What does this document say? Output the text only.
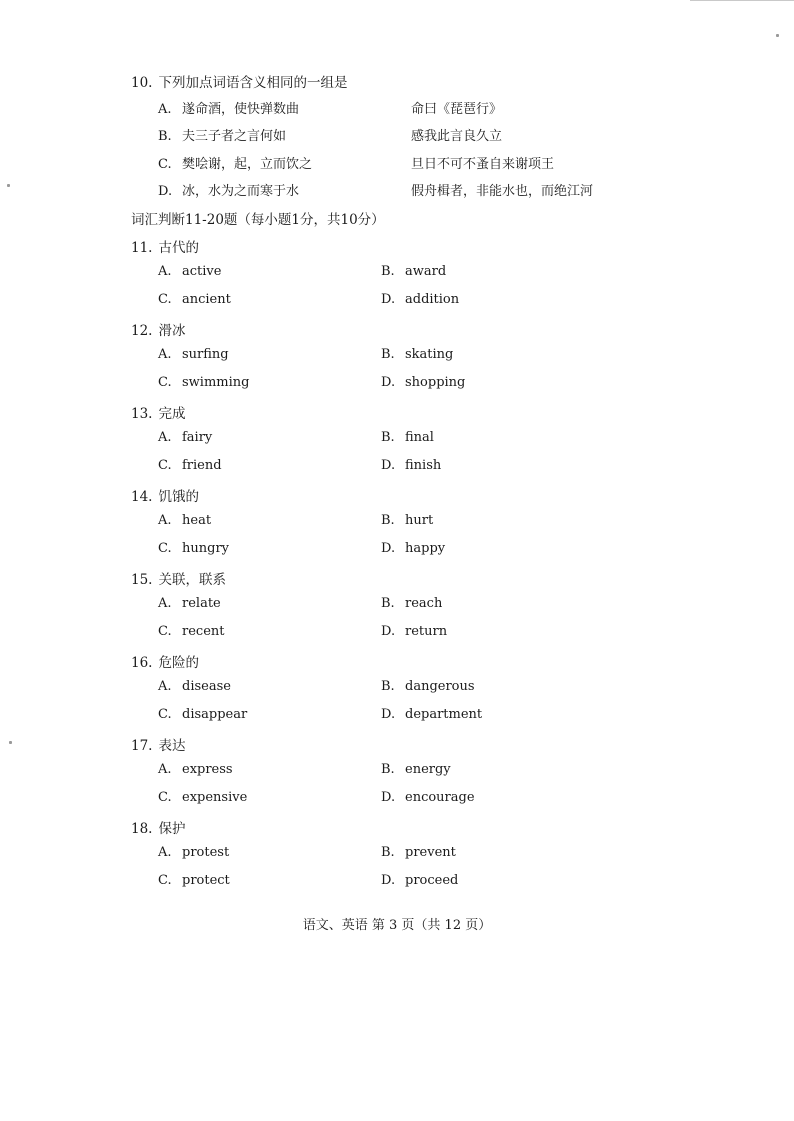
10. 下列加点词语含义相同的一组是
A. 遂命酒，使快弹数曲	命曰《琵琶行》
B. 夫三子者之言何如	感我此言良久立
C. 樊哙谢，起，立而饮之	旦日不可不蚤自来谢项王
D. 冰，水为之而寒于水	假舟楫者，非能水也，而绝江河
词汇判断11-20题（每小题1分，共10分）
11. 古代的
A. active	B. award
C. ancient	D. addition
12. 滑冰
A. surfing	B. skating
C. swimming	D. shopping
13. 完成
A. fairy	B. final
C. friend	D. finish
14. 饥饿的
A. heat	B. hurt
C. hungry	D. happy
15. 关联，联系
A. relate	B. reach
C. recent	D. return
16. 危险的
A. disease	B. dangerous
C. disappear	D. department
17. 表达
A. express	B. energy
C. expensive	D. encourage
18. 保护
A. protest	B. prevent
C. protect	D. proceed
语文、英语 第 3 页（共 12 页）
